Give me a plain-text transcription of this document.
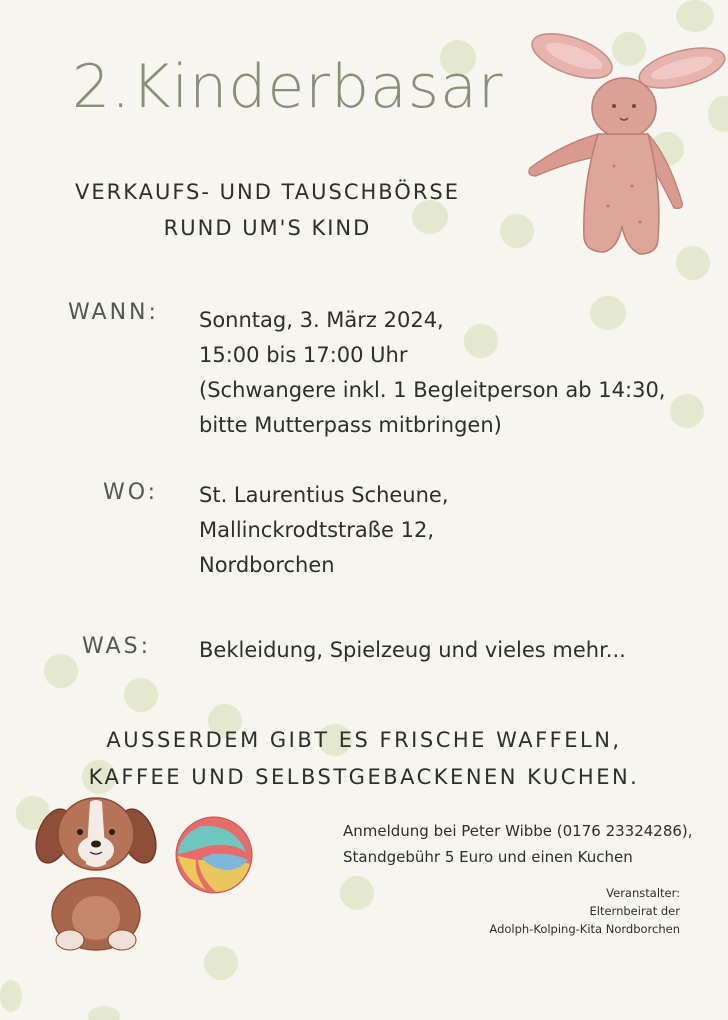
2.Kinderbasar
VERKAUFS- UND TAUSCHBÖRSE
RUND UM'S KIND
WANN: Sonntag, 3. März 2024,
15:00 bis 17:00 Uhr
(Schwangere inkl. 1 Begleitperson ab 14:30,
bitte Mutterpass mitbringen)
WO: St. Laurentius Scheune,
Mallinckrodtstraße 12,
Nordborchen
WAS: Bekleidung, Spielzeug und vieles mehr...
AUSSERDEM GIBT ES FRISCHE WAFFELN,
KAFFEE UND SELBSTGEBACKENEN KUCHEN.
Anmeldung bei Peter Wibbe (0176 23324286),
Standgebühr 5 Euro und einen Kuchen
Veranstalter:
Elternbeirat der
Adolph-Kolping-Kita Nordborchen
